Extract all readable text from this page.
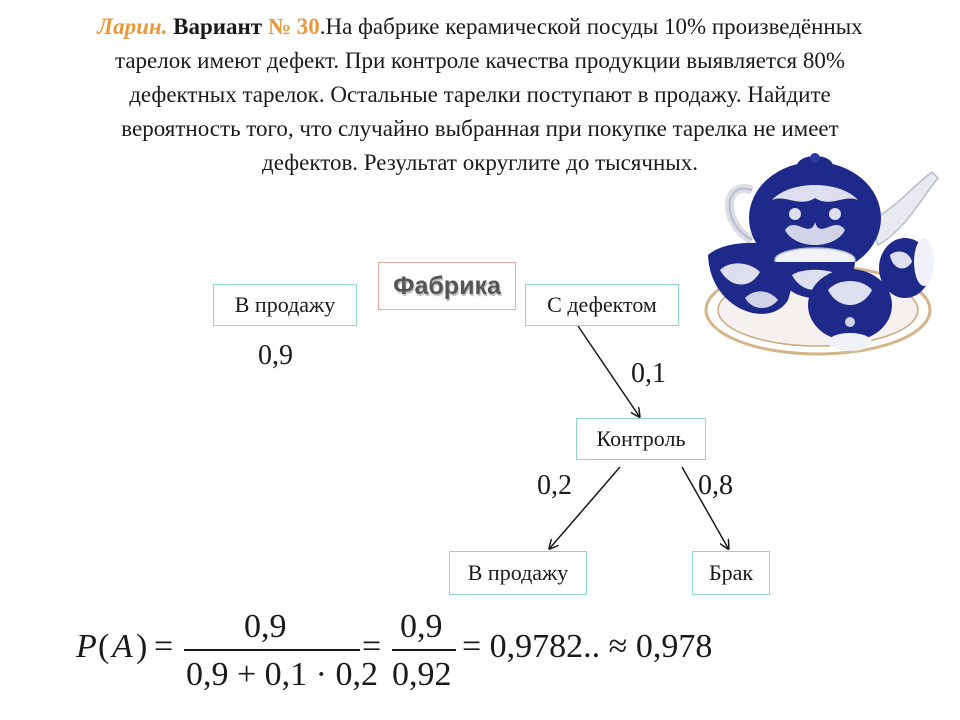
Ларин. Вариант № 30.На фабрике керамической посуды 10% произведённых
тарелок имеют дефект. При контроле качества продукции выявляется 80%
дефектных тарелок. Остальные тарелки поступают в продажу. Найдите
вероятность того, что случайно выбранная при покупке тарелка не имеет
дефектов. Результат округлите до тысячных.
Фабрика
В продажу	С дефектом
Контроль
В продажу	Брак
0,9
0,1
0,2	0,8
P ( A ) =
0,9
0,9 + 0,1 · 0,2
=
0,9
0,92
= 0,9782.. ≈ 0,978
